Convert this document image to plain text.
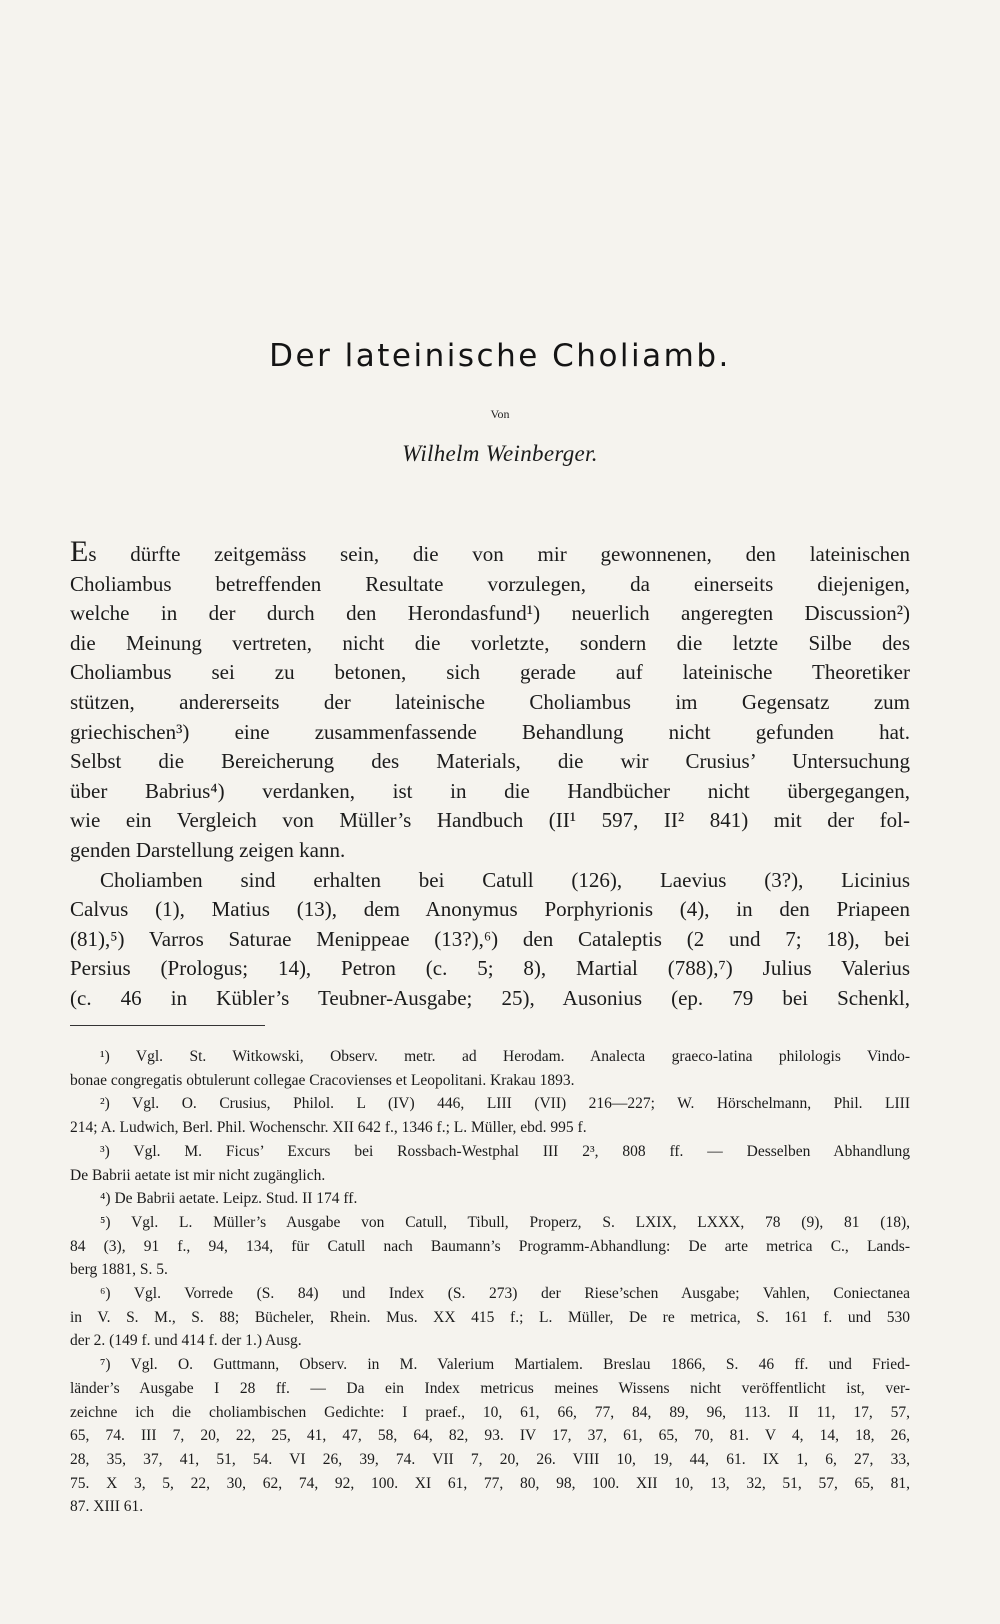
Der lateinische Choliamb.
Von
Wilhelm Weinberger.
Es dürfte zeitgemäss sein, die von mir gewonnenen, den lateinischen
Choliambus betreffenden Resultate vorzulegen, da einerseits diejenigen,
welche in der durch den Herondasfund¹) neuerlich angeregten Discussion²)
die Meinung vertreten, nicht die vorletzte, sondern die letzte Silbe des
Choliambus sei zu betonen, sich gerade auf lateinische Theoretiker
stützen, andererseits der lateinische Choliambus im Gegensatz zum
griechischen³) eine zusammenfassende Behandlung nicht gefunden hat.
Selbst die Bereicherung des Materials, die wir Crusius’ Untersuchung
über Babrius⁴) verdanken, ist in die Handbücher nicht übergegangen,
wie ein Vergleich von Müller’s Handbuch (II¹ 597, II² 841) mit der fol-
genden Darstellung zeigen kann.
Choliamben sind erhalten bei Catull (126), Laevius (3?), Licinius
Calvus (1), Matius (13), dem Anonymus Porphyrionis (4), in den Priapeen
(81),⁵) Varros Saturae Menippeae (13?),⁶) den Cataleptis (2 und 7; 18), bei
Persius (Prologus; 14), Petron (c. 5; 8), Martial (788),⁷) Julius Valerius
(c. 46 in Kübler’s Teubner-Ausgabe; 25), Ausonius (ep. 79 bei Schenkl,
¹) Vgl. St. Witkowski, Observ. metr. ad Herodam. Analecta graeco-latina philologis Vindo-
bonae congregatis obtulerunt collegae Cracovienses et Leopolitani. Krakau 1893.
²) Vgl. O. Crusius, Philol. L (IV) 446, LIII (VII) 216—227; W. Hörschelmann, Phil. LIII
214; A. Ludwich, Berl. Phil. Wochenschr. XII 642 f., 1346 f.; L. Müller, ebd. 995 f.
³) Vgl. M. Ficus’ Excurs bei Rossbach-Westphal III 2³, 808 ff. — Desselben Abhandlung
De Babrii aetate ist mir nicht zugänglich.
⁴) De Babrii aetate. Leipz. Stud. II 174 ff.
⁵) Vgl. L. Müller’s Ausgabe von Catull, Tibull, Properz, S. LXIX, LXXX, 78 (9), 81 (18),
84 (3), 91 f., 94, 134, für Catull nach Baumann’s Programm-Abhandlung: De arte metrica C., Lands-
berg 1881, S. 5.
⁶) Vgl. Vorrede (S. 84) und Index (S. 273) der Riese’schen Ausgabe; Vahlen, Coniectanea
in V. S. M., S. 88; Bücheler, Rhein. Mus. XX 415 f.; L. Müller, De re metrica, S. 161 f. und 530
der 2. (149 f. und 414 f. der 1.) Ausg.
⁷) Vgl. O. Guttmann, Observ. in M. Valerium Martialem. Breslau 1866, S. 46 ff. und Fried-
länder’s Ausgabe I 28 ff. — Da ein Index metricus meines Wissens nicht veröffentlicht ist, ver-
zeichne ich die choliambischen Gedichte: I praef., 10, 61, 66, 77, 84, 89, 96, 113. II 11, 17, 57,
65, 74. III 7, 20, 22, 25, 41, 47, 58, 64, 82, 93. IV 17, 37, 61, 65, 70, 81. V 4, 14, 18, 26,
28, 35, 37, 41, 51, 54. VI 26, 39, 74. VII 7, 20, 26. VIII 10, 19, 44, 61. IX 1, 6, 27, 33,
75. X 3, 5, 22, 30, 62, 74, 92, 100. XI 61, 77, 80, 98, 100. XII 10, 13, 32, 51, 57, 65, 81,
87. XIII 61.
